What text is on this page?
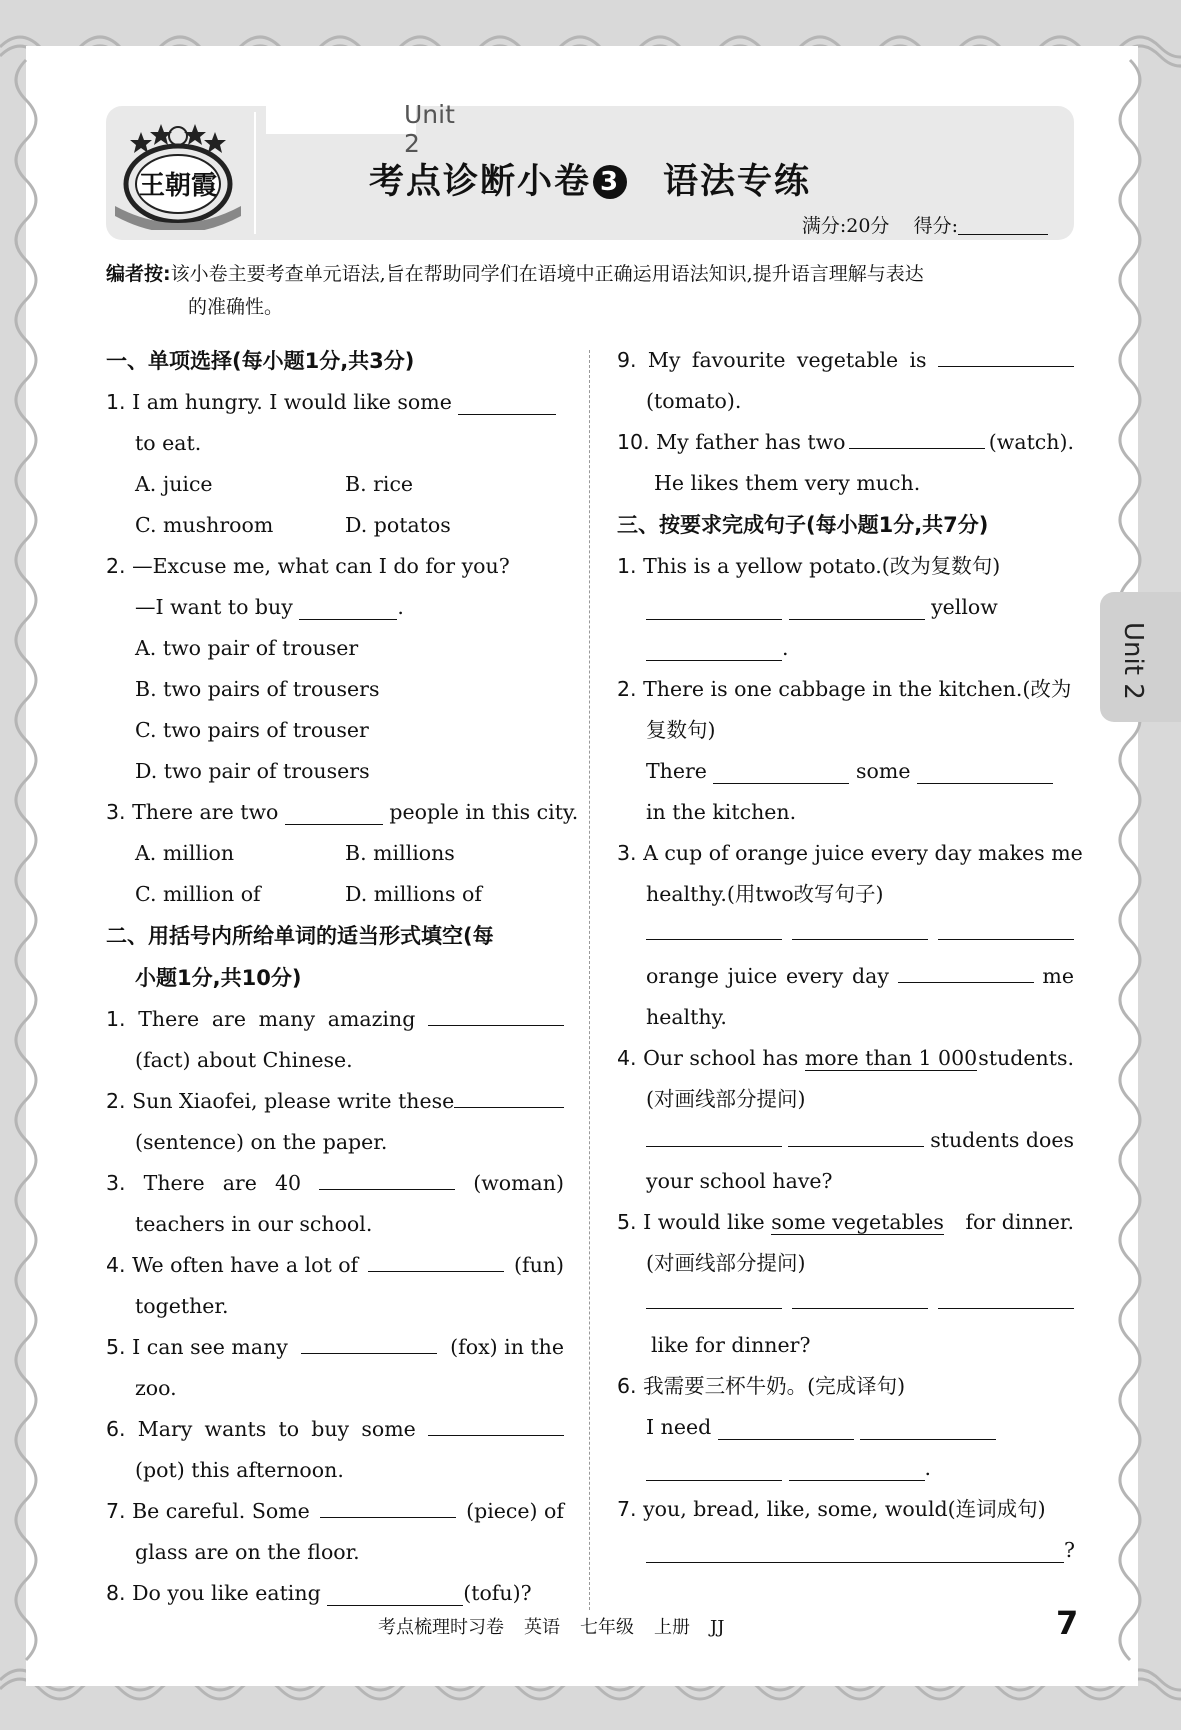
Unit 2
王朝霞	考点诊断小卷 3 语法专练
满分:20分 得分:
编者按:该小卷主要考查单元语法,旨在帮助同学们在语境中正确运用语法知识,提升语言理解与表达
的准确性。
一、单项选择(每小题1分,共3分)
1. I am hungry. I would like some
to eat.
A. juice	B. rice
C. mushroom	D. potatos
2. —Excuse me, what can I do for you?
—I want to buy	.
A. two pair of trouser
B. two pairs of trousers
C. two pairs of trouser
D. two pair of trousers
3. There are two	people in this city.
A. million	B. millions
C. million of	D. millions of
二、用括号内所给单词的适当形式填空(每
小题1分,共10分)
1. There are many amazing
(fact) about Chinese.
2. Sun Xiaofei, please write these
(sentence) on the paper.
3. There are 40	(woman)
teachers in our school.
4. We often have a lot of	(fun)
together.
5. I can see many	(fox) in the
zoo.
6. Mary wants to buy some
(pot) this afternoon.
7. Be careful. Some	(piece) of
glass are on the floor.
8. Do you like eating	(tofu)?
9. My favourite vegetable is
(tomato).
10. My father has two	(watch).
He likes them very much.
三、按要求完成句子(每小题1分,共7分)
1. This is a yellow potato.(改为复数句)
yellow
.
2. There is one cabbage in the kitchen.(改为
复数句)
There	some
in the kitchen.
3. A cup of orange juice every day makes me
healthy.(用two改写句子)
orange juice every day	me
healthy.
4. Our school has more than 1 000 students.
(对画线部分提问)
students does
your school have?
5. I would like some vegetables for dinner.
(对画线部分提问)
like for dinner?
6. 我需要三杯牛奶。(完成译句)
I need
.
7. you, bread, like, some, would(连词成句)
?
Unit 2
考点梳理时习卷 英语 七年级 上册 JJ	7
